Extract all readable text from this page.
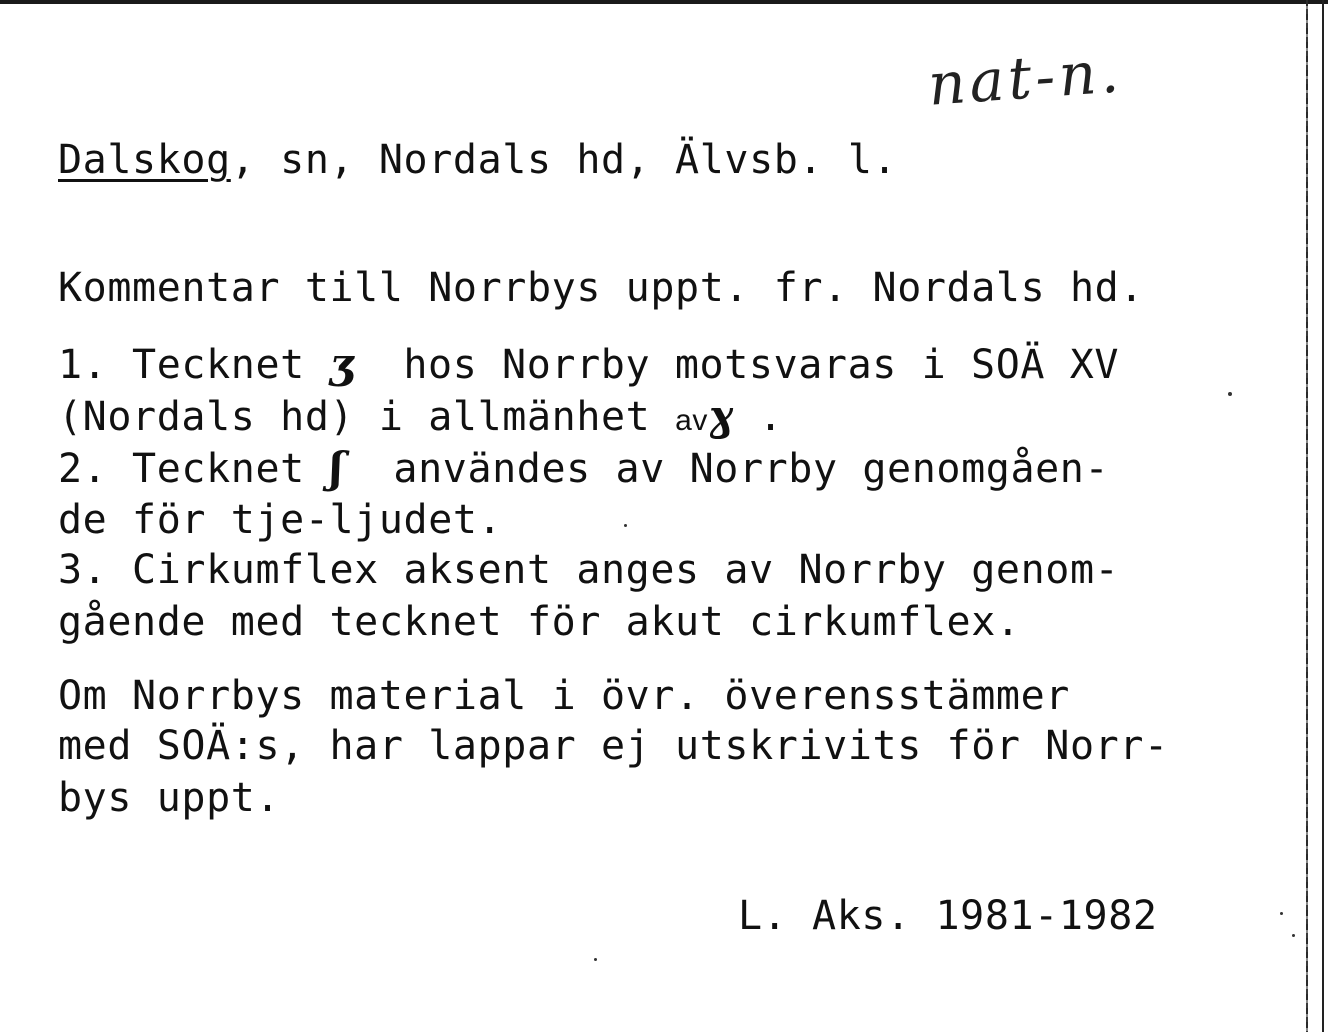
nat-n.

Dalskog, sn, Nordals hd, Älvsb. l.

Kommentar till Norrbys uppt. fr. Nordals hd.

1. Tecknet ʒ  hos Norrby motsvaras i SOÄ XV

(Nordals hd) i allmänhet avɣ .

2. Tecknet ʃ  användes av Norrby genomgåen-

de för tje-ljudet.

3. Cirkumflex aksent anges av Norrby genom-

gående med tecknet för akut cirkumflex.

Om Norrbys material i övr. överensstämmer

med SOÄ:s, har lappar ej utskrivits för Norr-

bys uppt.

L. Aks. 1981-1982
